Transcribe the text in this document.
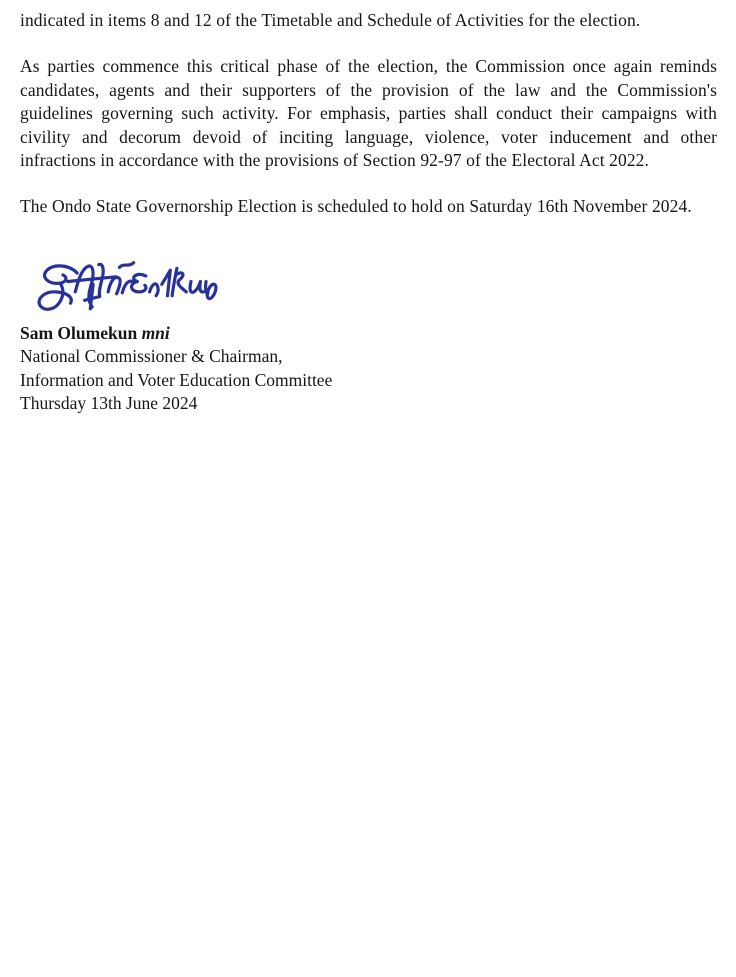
indicated in items 8 and 12 of the Timetable and Schedule of Activities for the election.

As parties commence this critical phase of the election, the Commission once again reminds candidates, agents and their supporters of the provision of the law and the Commission's guidelines governing such activity. For emphasis, parties shall conduct their campaigns with civility and decorum devoid of inciting language, violence, voter inducement and other infractions in accordance with the provisions of Section 92-97 of the Electoral Act 2022.

The Ondo State Governorship Election is scheduled to hold on Saturday 16th November 2024.

Sam Olumekun mni

National Commissioner & Chairman,

Information and Voter Education Committee

Thursday 13th June 2024
